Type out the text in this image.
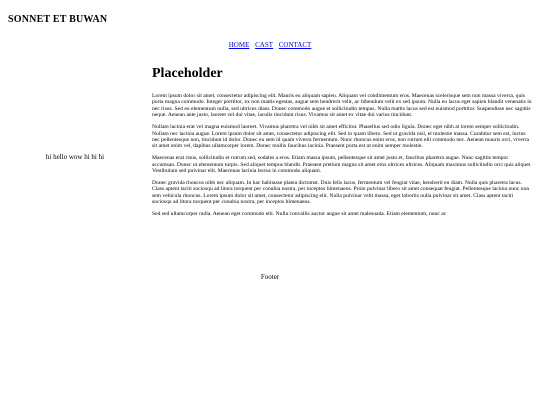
SONNET ET BUWAN
HOME CAST CONTACT
hi hello wow hi hi hi
Placeholder

Lorem ipsum dolor sit amet, consectetur adipiscing elit. Mauris eu aliquam sapien. Aliquam vel condimentum eros. Maecenas scelerisque sem non massa viverra, quis porta magna commodo. Integer porttitor, ex non mattis egestas, augue sem hendrerit velit, ac bibendum velit ex sed ipsum. Nulla eu lacus eget sapien blandit venenatis in nec risus. Sed eu elementum nulla, sed ultrices diam. Donec commodo augue et sollicitudin tempus. Nulla mattis lacus sed est euismod porttitor. Suspendisse nec sagittis neque. Aenean ante justo, laoreet vel dui vitae, iaculis tincidunt risus. Vivamus sit amet ex vitae dui varius tincidunt.

Nullam lacinia erat vel magna euismod laoreet. Vivamus pharetra vel nibh sit amet efficitur. Phasellus sed odio ligula. Donec eget nibh at lorem semper sollicitudin. Nullam nec lacinia augue. Lorem ipsum dolor sit amet, consectetur adipiscing elit. Sed in quam libero. Sed ut gravida nisl, et molestie massa. Curabitur sem est, luctus nec pellentesque non, tincidunt id dolor. Donec eu sem id quam viverra fermentum. Nunc rhoncus enim eros, non rutrum elit commodo nec. Aenean mauris orci, viverra sit amet enim vel, dapibus ullamcorper lorem. Donec mollis faucibus lacinia. Praesent porta est ut enim semper molestie.

Maecenas erat risus, sollicitudin et rutrum sed, sodales a eros. Etiam massa ipsum, pellentesque sit amet justo et, faucibus pharetra augue. Nunc sagittis tempor accumsan. Donec ut elementum turpis. Sed aliquet tempus blandit. Praesent pretium magna sit amet eros ultrices ultrices. Aliquam maximus sollicitudin orci quis aliquet. Vestibulum sed pulvinar elit. Maecenas lacinia lectus in commodo aliquam.

Donec gravida rhoncus nibh nec aliquam. In hac habitasse platea dictumst. Duis felis lacus, fermentum vel feugiat vitae, hendrerit eu diam. Nulla quis pharetra lacus. Class aptent taciti sociosqu ad litora torquent per conubia nostra, per inceptos himenaeos. Proin pulvinar libero sit amet consequat feugiat. Pellentesque lacinia nunc non sem vehicula rhoncus. Lorem ipsum dolor sit amet, consectetur adipiscing elit. Nulla pulvinar velit massa, eget lobortis nulla pulvinar sit amet. Class aptent taciti sociosqu ad litora torquent per conubia nostra, per inceptos himenaeos.

Sed sed ullamcorper nulla. Aenean eget commodo elit. Nulla convallis auctor augue sit amet malesuada. Etiam elementum, nunc ac

Footer
